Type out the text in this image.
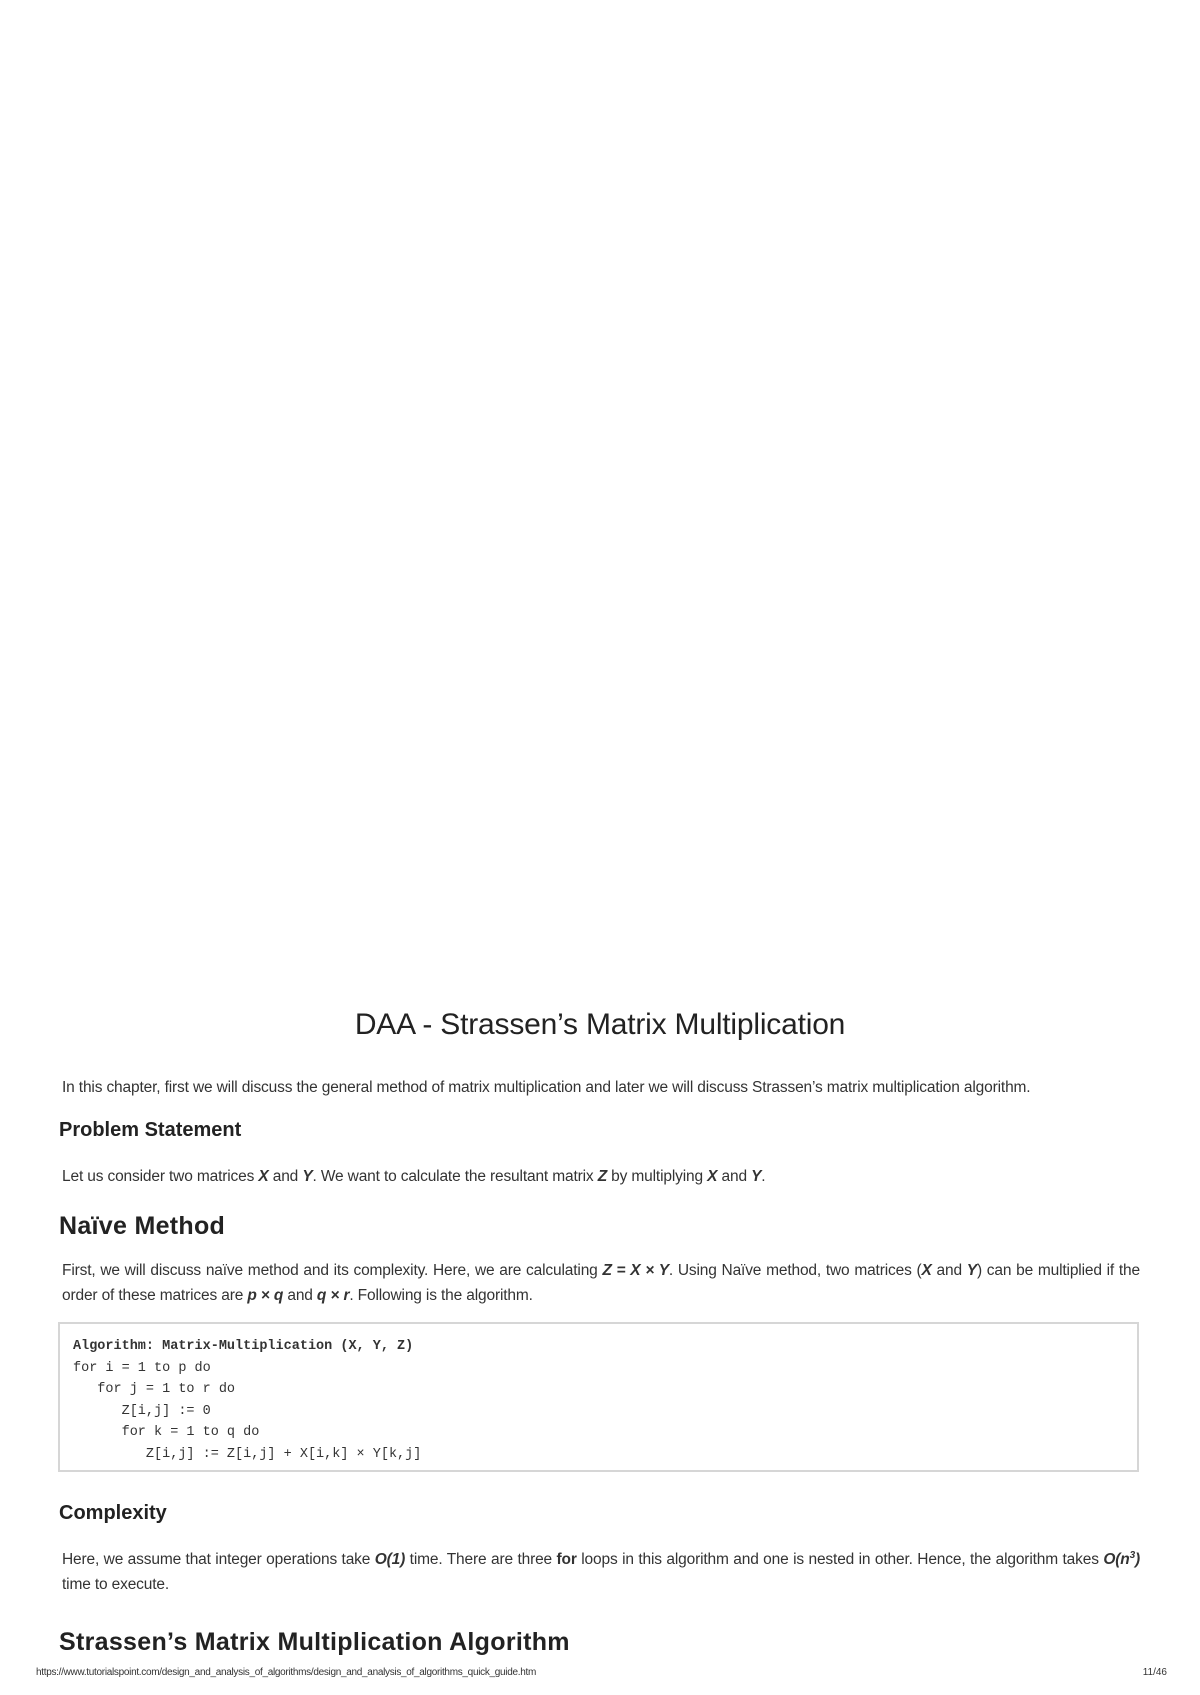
DAA - Strassen’s Matrix Multiplication

In this chapter, first we will discuss the general method of matrix multiplication and later we will discuss Strassen’s matrix multiplication algorithm.

Problem Statement

Let us consider two matrices X and Y. We want to calculate the resultant matrix Z by multiplying X and Y.

Naïve Method

First, we will discuss naïve method and its complexity. Here, we are calculating Z = X × Y. Using Naïve method, two matrices (X and Y) can be multiplied if the order of these matrices are p × q and q × r. Following is the algorithm.

Algorithm: Matrix-Multiplication (X, Y, Z)
for i = 1 to p do
for j = 1 to r do
Z[i,j] := 0
for k = 1 to q do
Z[i,j] := Z[i,j] + X[i,k] × Y[k,j]
Complexity

Here, we assume that integer operations take O(1) time. There are three for loops in this algorithm and one is nested in other. Hence, the algorithm takes $O(n^3)$ time to execute.

Strassen’s Matrix Multiplication Algorithm
https://www.tutorialspoint.com/design_and_analysis_of_algorithms/design_and_analysis_of_algorithms_quick_guide.htm	11/46
